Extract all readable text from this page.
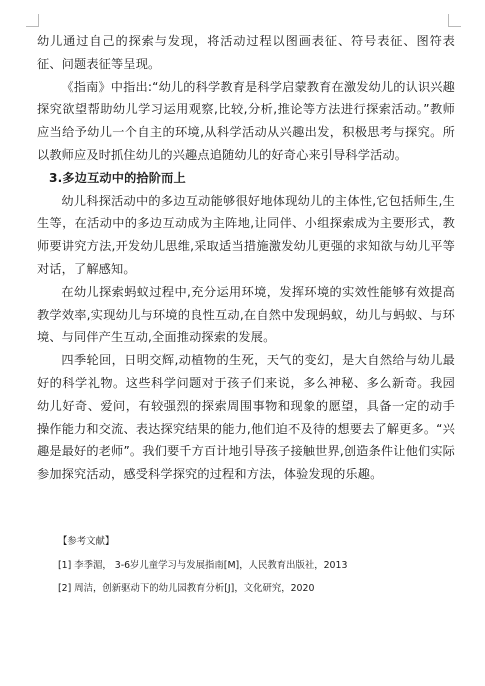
幼儿通过自己的探索与发现，将活动过程以图画表征、符号表征、图符表征、问题表征等呈现。

《指南》中指出:“幼儿的科学教育是科学启蒙教育在激发幼儿的认识兴趣探究欲望帮助幼儿学习运用观察,比较,分析,推论等方法进行探索活动。”教师应当给予幼儿一个自主的环境,从科学活动从兴趣出发，积极思考与探究。所以教师应及时抓住幼儿的兴趣点追随幼儿的好奇心来引导科学活动。

3.多边互动中的拾阶而上

幼儿科探活动中的多边互动能够很好地体现幼儿的主体性,它包括师生,生生等，在活动中的多边互动成为主阵地,让同伴、小组探索成为主要形式，教师要讲究方法,开发幼儿思维,采取适当措施激发幼儿更强的求知欲与幼儿平等对话，了解感知。

在幼儿探索蚂蚁过程中,充分运用环境，发挥环境的实效性能够有效提高教学效率,实现幼儿与环境的良性互动,在自然中发现蚂蚁，幼儿与蚂蚁、与环境、与同伴产生互动,全面推动探索的发展。

四季轮回，日明交辉,动植物的生死，天气的变幻，是大自然给与幼儿最好的科学礼物。这些科学问题对于孩子们来说，多么神秘、多么新奇。我园幼儿好奇、爱问，有较强烈的探索周围事物和现象的愿望，具备一定的动手 操作能力和交流、表达探究结果的能力,他们迫不及待的想要去了解更多。“兴趣是最好的老师”。我们要千方百计地引导孩子接触世界,创造条件让他们实际参加探究活动，感受科学探究的过程和方法，体验发现的乐趣。

【参考文献】

[1] 李季湄， 3-6岁儿童学习与发展指南[M]，人民教育出版社，2013

[2] 周洁，创新驱动下的幼儿园教育分析[J]，文化研究，2020
